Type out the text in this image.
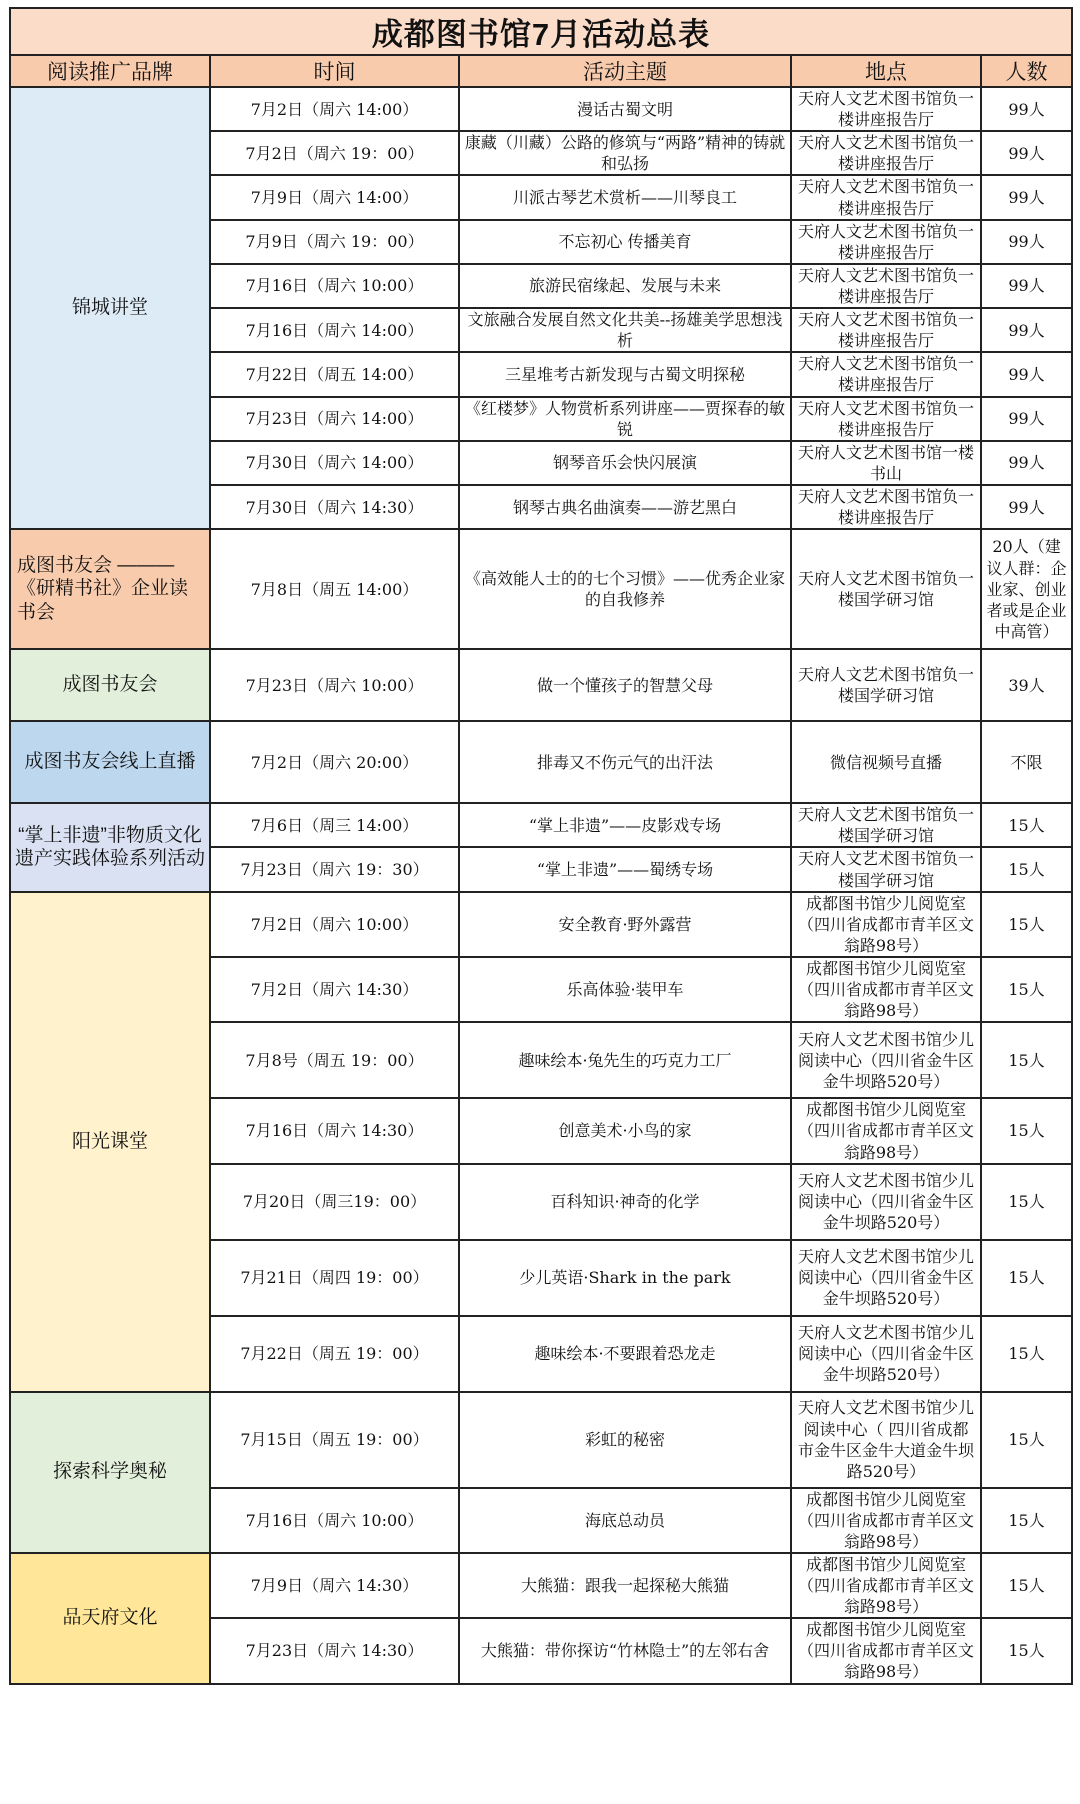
成都图书馆7月活动总表				
阅读推广品牌	时间	活动主题	地点	人数
锦城讲堂	7月2日（周六 14:00）	漫话古蜀文明	天府人文艺术图书馆负一楼讲座报告厅	99人
	7月2日（周六 19：00）	康藏（川藏）公路的修筑与“两路”精神的铸就和弘扬	天府人文艺术图书馆负一楼讲座报告厅	99人
	7月9日（周六 14:00）	川派古琴艺术赏析——川琴良工	天府人文艺术图书馆负一楼讲座报告厅	99人
	7月9日（周六 19：00）	不忘初心 传播美育	天府人文艺术图书馆负一楼讲座报告厅	99人
	7月16日（周六 10:00）	旅游民宿缘起、发展与未来	天府人文艺术图书馆负一楼讲座报告厅	99人
	7月16日（周六 14:00）	文旅融合发展自然文化共美--扬雄美学思想浅析	天府人文艺术图书馆负一楼讲座报告厅	99人
	7月22日（周五 14:00）	三星堆考古新发现与古蜀文明探秘	天府人文艺术图书馆负一楼讲座报告厅	99人
	7月23日（周六 14:00）	《红楼梦》人物赏析系列讲座——贾探春的敏锐	天府人文艺术图书馆负一楼讲座报告厅	99人
	7月30日（周六 14:00）	钢琴音乐会快闪展演	天府人文艺术图书馆一楼书山	99人
	7月30日（周六 14:30）	钢琴古典名曲演奏——游艺黑白	天府人文艺术图书馆负一楼讲座报告厅	99人
成图书友会 ———《研精书社》企业读书会	7月8日（周五 14:00）	《高效能人士的的七个习惯》——优秀企业家的自我修养	天府人文艺术图书馆负一楼国学研习馆	20人（建议人群：企业家、创业者或是企业中高管）
成图书友会	7月23日（周六 10:00）	做一个懂孩子的智慧父母	天府人文艺术图书馆负一楼国学研习馆	39人
成图书友会线上直播	7月2日（周六 20:00）	排毒又不伤元气的出汗法	微信视频号直播	不限
“掌上非遗”非物质文化遗产实践体验系列活动	7月6日（周三 14:00）	“掌上非遗”——皮影戏专场	天府人文艺术图书馆负一楼国学研习馆	15人
	7月23日（周六 19：30）	“掌上非遗”——蜀绣专场	天府人文艺术图书馆负一楼国学研习馆	15人
阳光课堂	7月2日（周六 10:00）	安全教育·野外露营	成都图书馆少儿阅览室（四川省成都市青羊区文翁路98号）	15人
	7月2日（周六 14:30）	乐高体验·装甲车	成都图书馆少儿阅览室（四川省成都市青羊区文翁路98号）	15人
	7月8号（周五 19：00）	趣味绘本·兔先生的巧克力工厂	天府人文艺术图书馆少儿阅读中心（四川省金牛区金牛坝路520号）	15人
	7月16日（周六 14:30）	创意美术·小鸟的家	成都图书馆少儿阅览室（四川省成都市青羊区文翁路98号）	15人
	7月20日（周三19：00）	百科知识·神奇的化学	天府人文艺术图书馆少儿阅读中心（四川省金牛区金牛坝路520号）	15人
	7月21日（周四 19：00）	少儿英语·Shark in the park	天府人文艺术图书馆少儿阅读中心（四川省金牛区金牛坝路520号）	15人
	7月22日（周五 19：00）	趣味绘本·不要跟着恐龙走	天府人文艺术图书馆少儿阅读中心（四川省金牛区金牛坝路520号）	15人
探索科学奥秘	7月15日（周五 19：00）	彩虹的秘密	天府人文艺术图书馆少儿阅读中心（ 四川省成都市金牛区金牛大道金牛坝路520号）	15人
	7月16日（周六 10:00）	海底总动员	成都图书馆少儿阅览室（四川省成都市青羊区文翁路98号）	15人
品天府文化	7月9日（周六 14:30）	大熊猫：跟我一起探秘大熊猫	成都图书馆少儿阅览室（四川省成都市青羊区文翁路98号）	15人
	7月23日（周六 14:30）	大熊猫：带你探访“竹林隐士”的左邻右舍	成都图书馆少儿阅览室（四川省成都市青羊区文翁路98号）	15人
